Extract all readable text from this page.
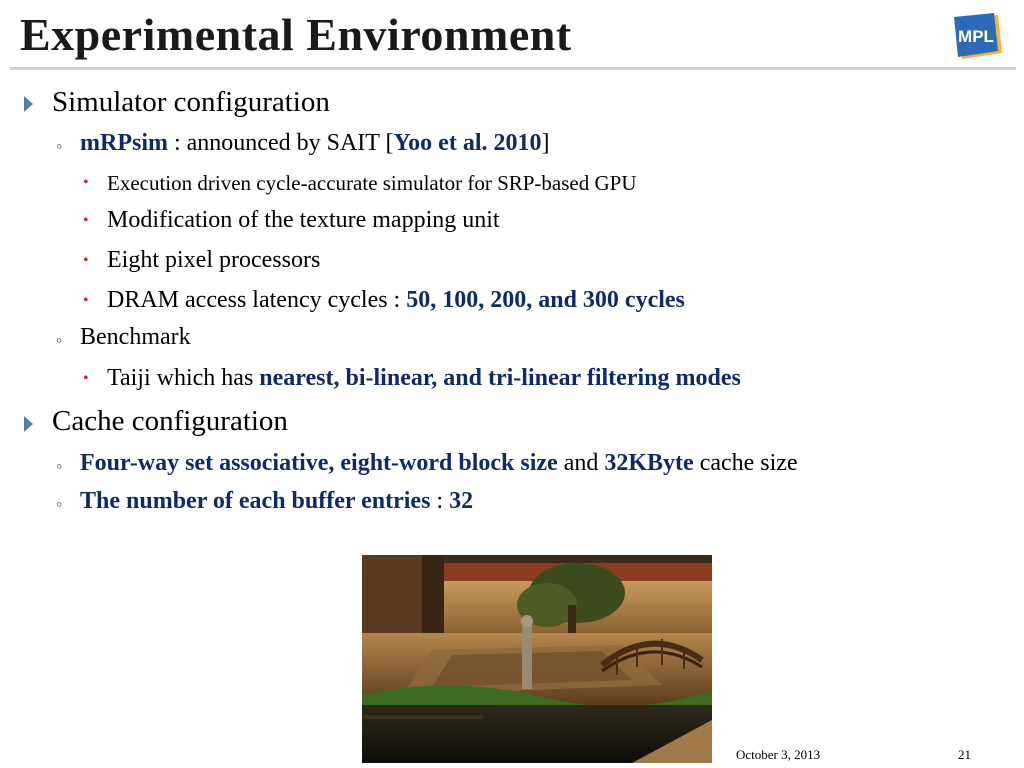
Experimental Environment	MPL
Simulator configuration
◦ mRPsim : announced by SAIT [Yoo et al. 2010]
• Execution driven cycle-accurate simulator for SRP-based GPU
• Modification of the texture mapping unit
• Eight pixel processors
• DRAM access latency cycles : 50, 100, 200, and 300 cycles
◦ Benchmark
• Taiji which has nearest, bi-linear, and tri-linear filtering modes
Cache configuration
◦ Four-way set associative, eight-word block size and 32KByte cache size
◦ The number of each buffer entries : 32
October 3, 2013	21
